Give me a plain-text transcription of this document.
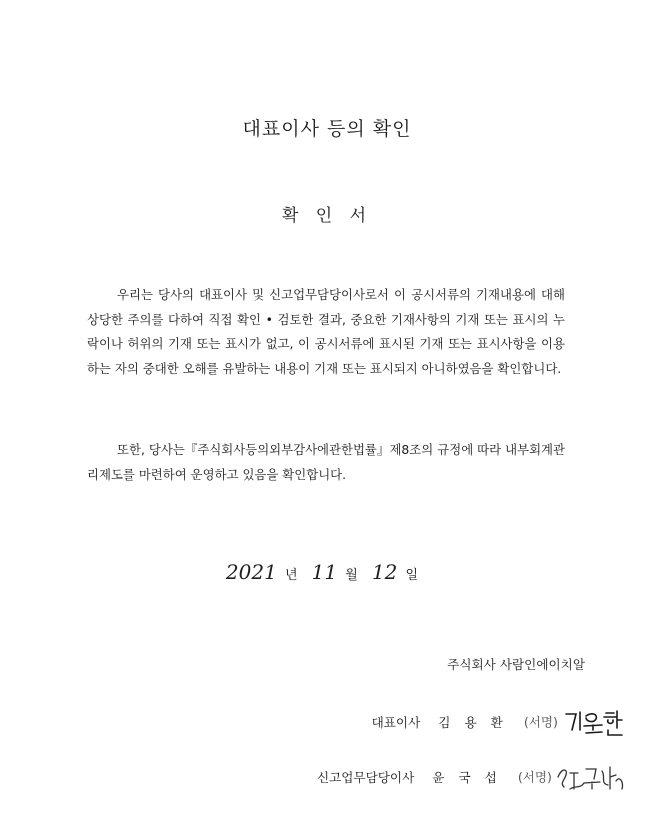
대표이사 등의 확인
확 인 서

우리는 당사의 대표이사 및 신고업무담당이사로서 이 공시서류의 기재내용에 대해 상당한 주의를 다하여 직접 확인 • 검토한 결과, 중요한 기재사항의 기재 또는 표시의 누락이나 허위의 기재 또는 표시가 없고, 이 공시서류에 표시된 기재 또는 표시사항을 이용하는 자의 중대한 오해를 유발하는 내용이 기재 또는 표시되지 아니하였음을 확인합니다.

또한, 당사는『주식회사등의외부감사에관한법률』제8조의 규정에 따라 내부회계관리제도를 마련하여 운영하고 있음을 확인합니다.

2021 년 11 월 12 일
주식회사 사람인에이치알
대표이사 김 용 환 (서명)
신고업무담당이사 윤 국 섭 (서명)
